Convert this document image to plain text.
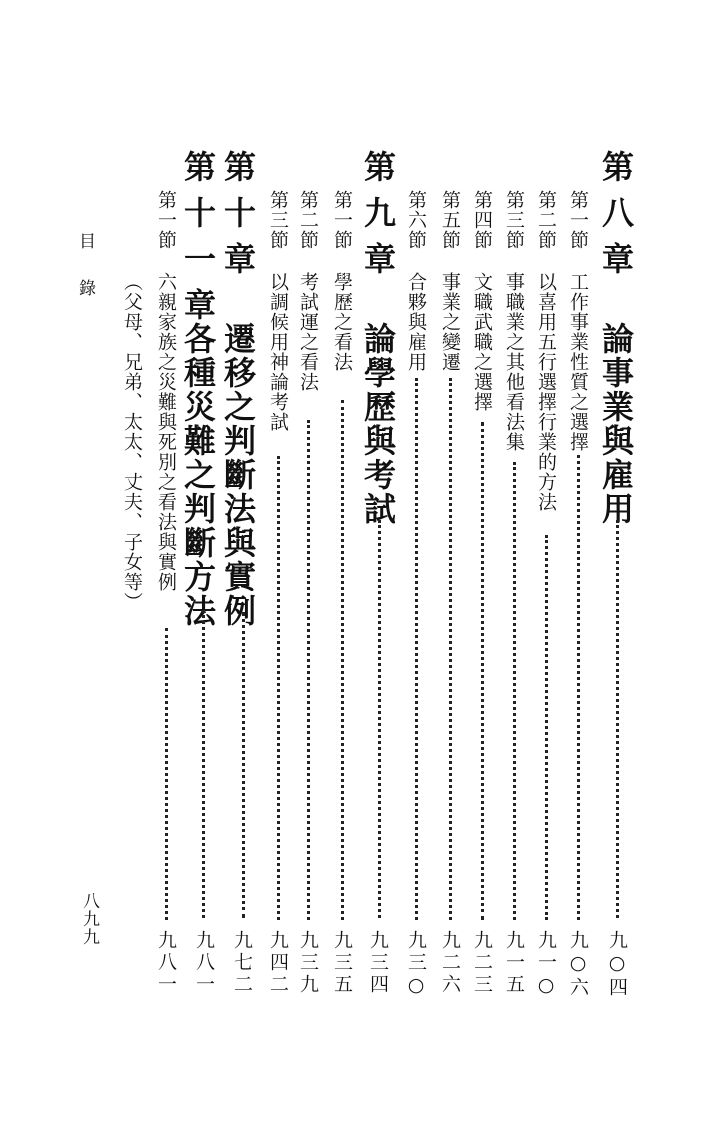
目錄
八九九
第八章
論事業與雇用
九○四
第一節
工作事業性質之選擇
九○六
第二節
以喜用五行選擇行業的方法
九一○
第三節
事職業之其他看法集
九一五
第四節
文職武職之選擇
九二三
第五節
事業之變遷
九二六
第六節
合夥與雇用
九三○
第九章
論學歷與考試
九三四
第一節
學歷之看法
九三五
第二節
考試運之看法
九三九
第三節
以調候用神論考試
九四二
第十章
遷移之判斷法與實例
九七二
第十一章
各種災難之判斷方法
九八一
第一節
六親家族之災難與死別之看法與實例
九八一
（父母、兄弟、太太、丈夫、子女等）
